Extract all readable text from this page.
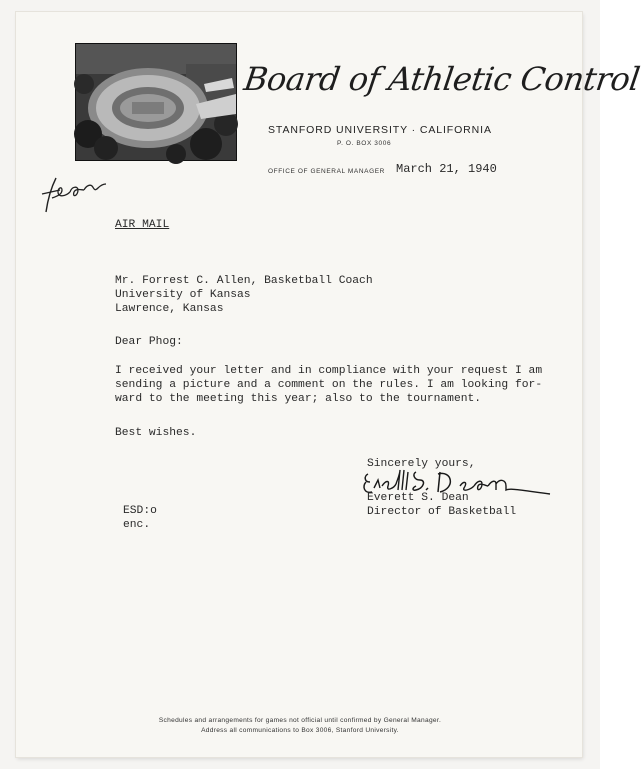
Board of Athletic Control
STANFORD UNIVERSITY · CALIFORNIA
P. O. BOX 3006
OFFICE OF GENERAL MANAGER March 21, 1940
AIR MAIL
Mr. Forrest C. Allen, Basketball Coach
University of Kansas
Lawrence, Kansas
Dear Phog:
I received your letter and in compliance with your request I am
sending a picture and a comment on the rules. I am looking for-
ward to the meeting this year; also to the tournament.
Best wishes.
Sincerely yours,
Everett S. Dean
Director of Basketball
ESD:o
enc.
Schedules and arrangements for games not official until confirmed by General Manager.
Address all communications to Box 3006, Stanford University.
